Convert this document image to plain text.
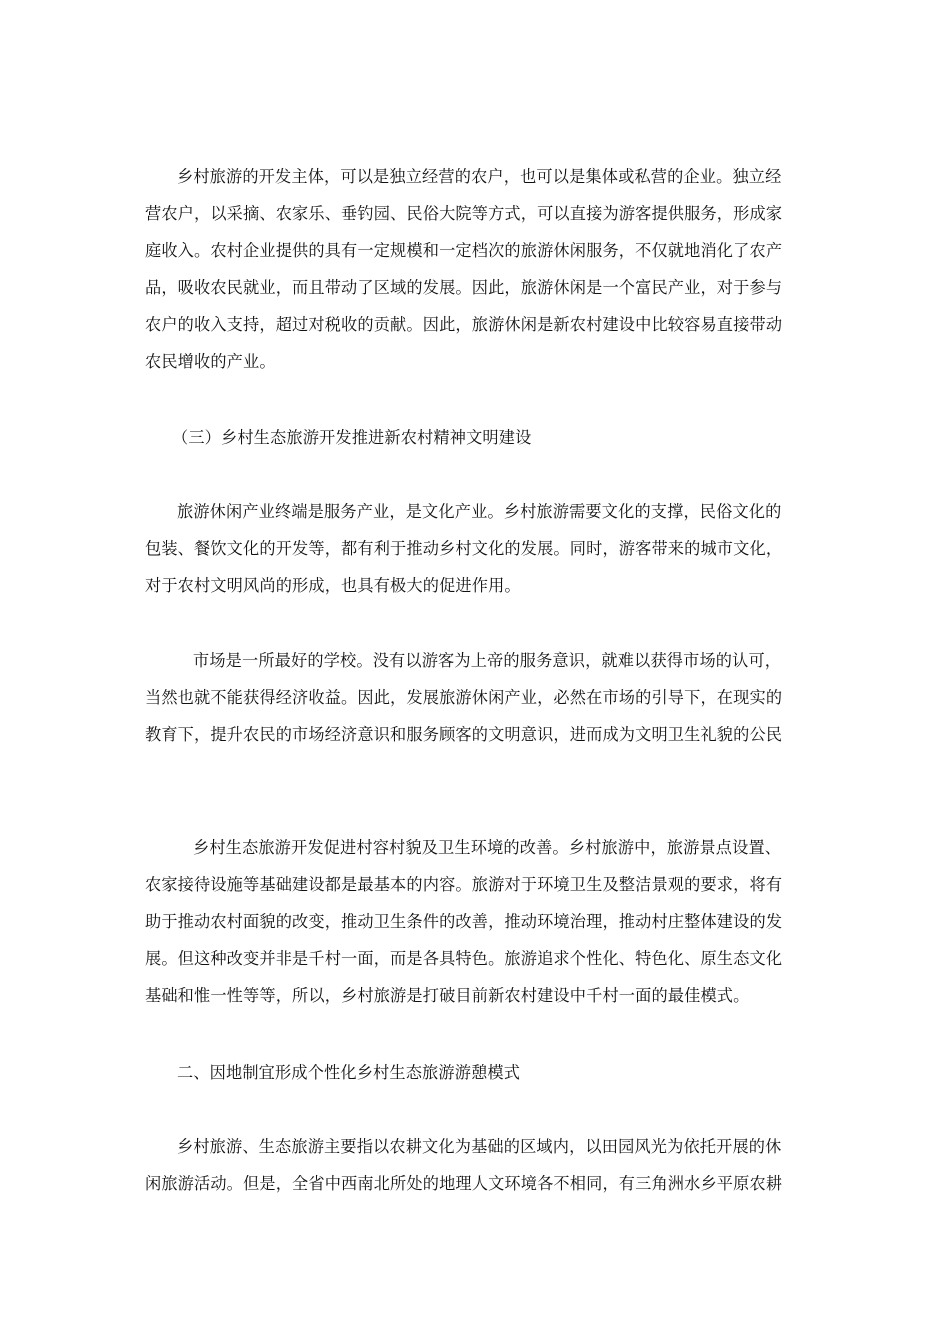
乡村旅游的开发主体，可以是独立经营的农户，也可以是集体或私营的企业。独立经

营农户，以采摘、农家乐、垂钓园、民俗大院等方式，可以直接为游客提供服务，形成家

庭收入。农村企业提供的具有一定规模和一定档次的旅游休闲服务，不仅就地消化了农产

品，吸收农民就业，而且带动了区域的发展。因此，旅游休闲是一个富民产业，对于参与

农户的收入支持，超过对税收的贡献。因此，旅游休闲是新农村建设中比较容易直接带动

农民增收的产业。

（三）乡村生态旅游开发推进新农村精神文明建设

旅游休闲产业终端是服务产业，是文化产业。乡村旅游需要文化的支撑，民俗文化的

包装、餐饮文化的开发等，都有利于推动乡村文化的发展。同时，游客带来的城市文化，

对于农村文明风尚的形成，也具有极大的促进作用。

市场是一所最好的学校。没有以游客为上帝的服务意识，就难以获得市场的认可，

当然也就不能获得经济收益。因此，发展旅游休闲产业，必然在市场的引导下，在现实的

教育下，提升农民的市场经济意识和服务顾客的文明意识，进而成为文明卫生礼貌的公民

乡村生态旅游开发促进村容村貌及卫生环境的改善。乡村旅游中，旅游景点设置、

农家接待设施等基础建设都是最基本的内容。旅游对于环境卫生及整洁景观的要求，将有

助于推动农村面貌的改变，推动卫生条件的改善，推动环境治理，推动村庄整体建设的发

展。但这种改变并非是千村一面，而是各具特色。旅游追求个性化、特色化、原生态文化

基础和惟一性等等，所以，乡村旅游是打破目前新农村建设中千村一面的最佳模式。

二、因地制宜形成个性化乡村生态旅游游憩模式

乡村旅游、生态旅游主要指以农耕文化为基础的区域内，以田园风光为依托开展的休

闲旅游活动。但是，全省中西南北所处的地理人文环境各不相同，有三角洲水乡平原农耕
